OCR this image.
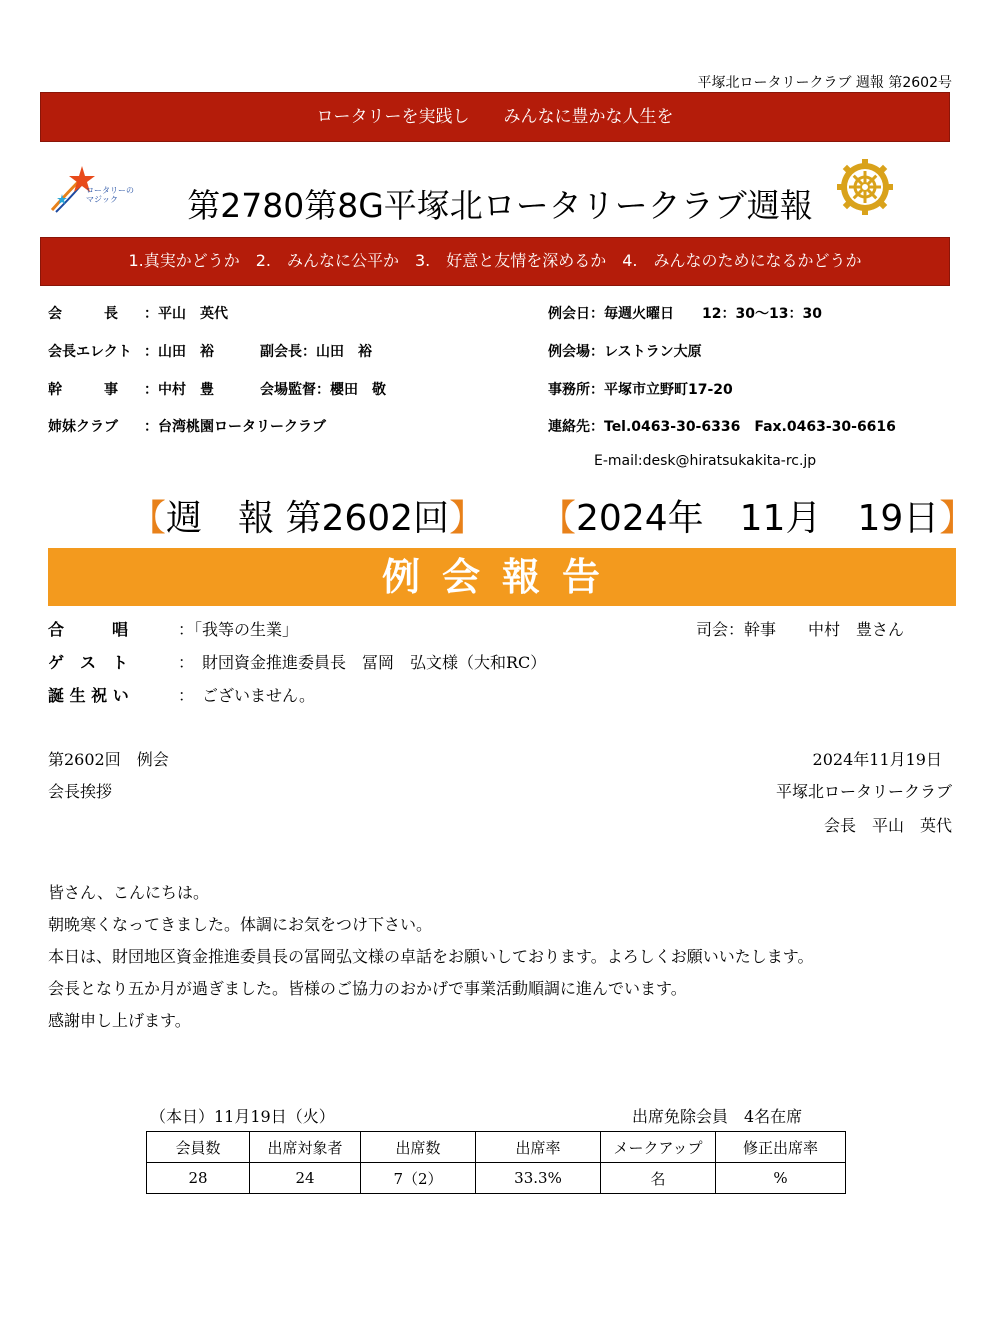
平塚北ロータリークラブ 週報 第2602号
ロータリーを実践し　　みんなに豊かな人生を
ロータリーの
マジック	第2780第8G平塚北ロータリークラブ週報
1.真実かどうか　2.　みんなに公平か　3.　好意と友情を深めるか　4.　みんなのためになるかどうか
会　　　長 ：平山　英代
会長エレクト ：山田　裕	副会長：山田　裕
幹　　　事 ：中村　豊	会場監督：櫻田　敬
姉妹クラブ ：台湾桃園ロータリークラブ
例会日：毎週火曜日　　12：30～13：30
例会場：レストラン大原
事務所：平塚市立野町17-20
連絡先：Tel.0463-30-6336　Fax.0463-30-6616
E-mail:desk@hiratsukakita-rc.jp
【週　報 第2602回】 【2024年　11月　19日】
例会報告
合　　　唱	：「我等の生業」	司会：幹事　　中村　豊さん
ゲ　ス　ト	：　財団資金推進委員長　冨岡　弘文様（大和RC）
誕 生 祝 い	：　ございません。
第2602回　例会	2024年11月19日
会長挨拶	平塚北ロータリークラブ
会長　平山　英代
皆さん、こんにちは。
朝晩寒くなってきました。体調にお気をつけ下さい。
本日は、財団地区資金推進委員長の冨岡弘文様の卓話をお願いしております。よろしくお願いいたします。
会長となり五か月が過ぎました。皆様のご協力のおかげで事業活動順調に進んでいます。
感謝申し上げます。
（本日）11月19日（火）	出席免除会員　4名在席
会員数	出席対象者	出席数	出席率	メークアップ	修正出席率
28	24	7（2）	33.3%	名	%
